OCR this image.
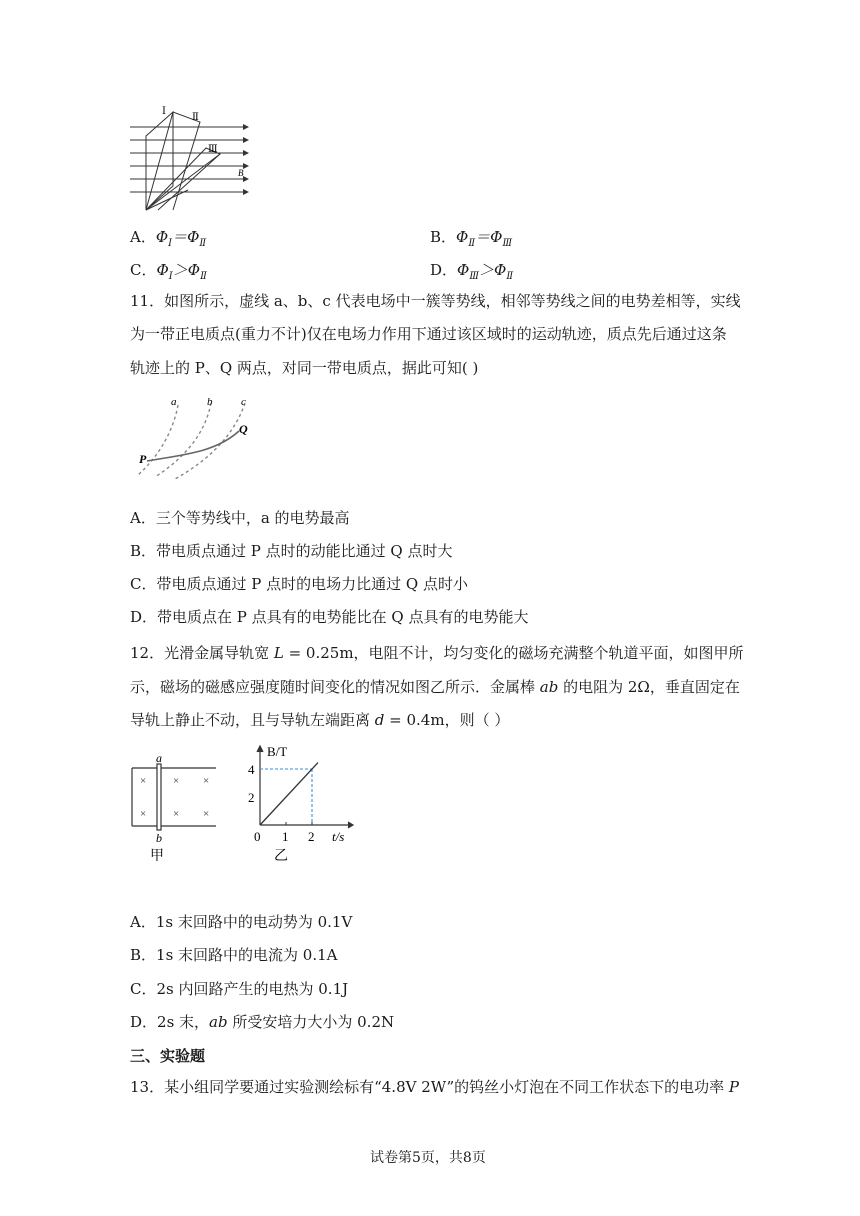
Ⅰ
Ⅱ
Ⅲ
B
A．$\Phi_Ⅰ=\Phi_Ⅱ$	B．$\Phi_Ⅱ=\Phi_Ⅲ$
C．$\Phi_Ⅰ>\Phi_Ⅱ$	D．$\Phi_Ⅲ>\Phi_Ⅱ$
11．如图所示，虚线 a、b、c 代表电场中一簇等势线，相邻等势线之间的电势差相等，实线
为一带正电质点(重力不计)仅在电场力作用下通过该区域时的运动轨迹，质点先后通过这条
轨迹上的 P、Q 两点，对同一带电质点，据此可知( )
a	b	c
P
Q
A．三个等势线中，a 的电势最高
B．带电质点通过 P 点时的动能比通过 Q 点时大
C．带电质点通过 P 点时的电场力比通过 Q 点时小
D．带电质点在 P 点具有的电势能比在 Q 点具有的电势能大
12．光滑金属导轨宽 L = 0.25m，电阻不计，均匀变化的磁场充满整个轨道平面，如图甲所
示，磁场的磁感应强度随时间变化的情况如图乙所示．金属棒 ab 的电阻为 2Ω，垂直固定在
导轨上静止不动，且与导轨左端距离 d = 0.4m，则（ ）
× × ×
× × ×
a
b
甲
4
2
0 1 2
B/T
t/s
乙
A．1s 末回路中的电动势为 0.1V
B．1s 末回路中的电流为 0.1A
C．2s 内回路产生的电热为 0.1J
D．2s 末，ab 所受安培力大小为 0.2N
三、实验题
13．某小组同学要通过实验测绘标有“4.8V 2W”的钨丝小灯泡在不同工作状态下的电功率 P
试卷第5页，共8页
